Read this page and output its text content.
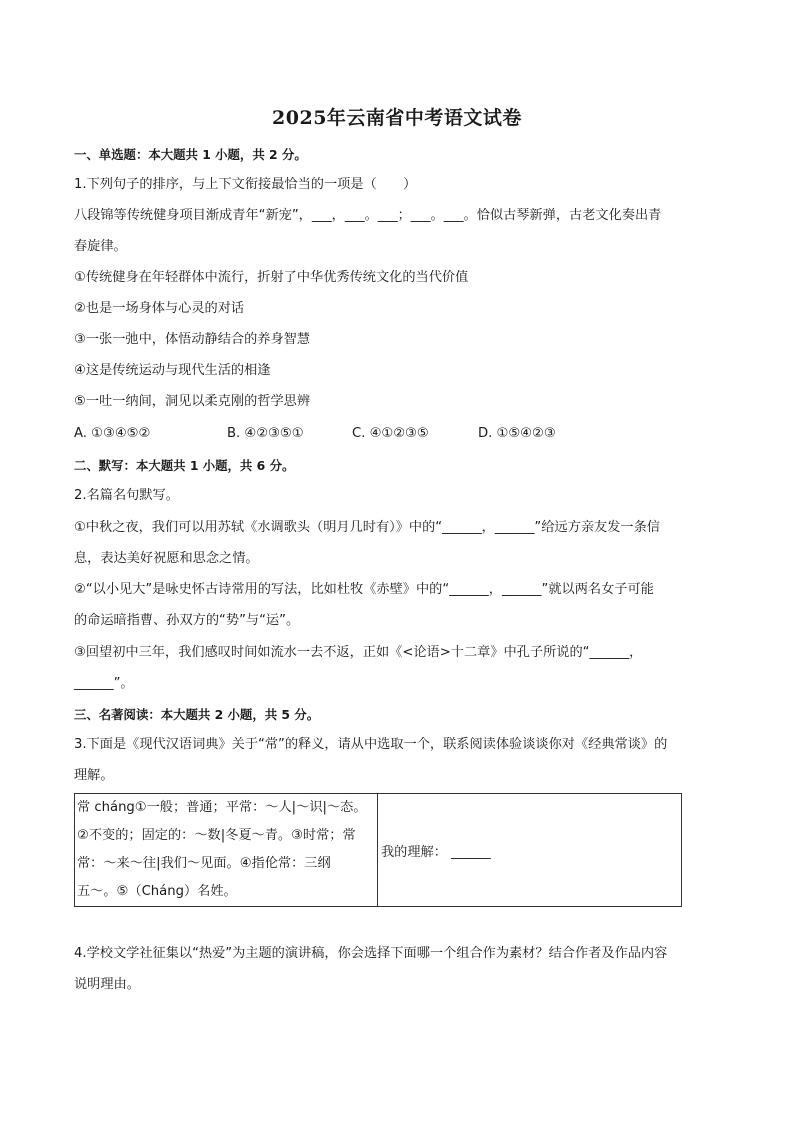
2025年云南省中考语文试卷
一、单选题：本大题共 1 小题，共 2 分。
1.下列句子的排序，与上下文衔接最恰当的一项是（　　）
八段锦等传统健身项目渐成青年“新宠”，___，___。___；___。___。恰似古琴新弹，古老文化奏出青
春旋律。
①传统健身在年轻群体中流行，折射了中华优秀传统文化的当代价值
②也是一场身体与心灵的对话
③一张一弛中，体悟动静结合的养身智慧
④这是传统运动与现代生活的相逢
⑤一吐一纳间，洞见以柔克刚的哲学思辨
A. ①③④⑤②	B. ④②③⑤①	C. ④①②③⑤	D. ①⑤④②③
二、默写：本大题共 1 小题，共 6 分。
2.名篇名句默写。
①中秋之夜，我们可以用苏轼《水调歌头（明月几时有）》中的“______，______”给远方亲友发一条信
息，表达美好祝愿和思念之情。
②“以小见大”是咏史怀古诗常用的写法，比如杜牧《赤壁》中的“______，______”就以两名女子可能
的命运暗指曹、孙双方的“势”与“运”。
③回望初中三年，我们感叹时间如流水一去不返，正如《<论语>十二章》中孔子所说的“______，
______”。
三、名著阅读：本大题共 2 小题，共 5 分。
3.下面是《现代汉语词典》关于“常”的释义，请从中选取一个，联系阅读体验谈谈你对《经典常谈》的
理解。
常 cháng①一般；普通；平常：～人|～识|～态。
②不变的；固定的：～数|冬夏～青。③时常；常
常：～来～往|我们～见面。④指伦常：三纲
五～。⑤（Cháng）名姓。
	我的理解： ______
4.学校文学社征集以“热爱”为主题的演讲稿，你会选择下面哪一个组合作为素材？结合作者及作品内容
说明理由。
